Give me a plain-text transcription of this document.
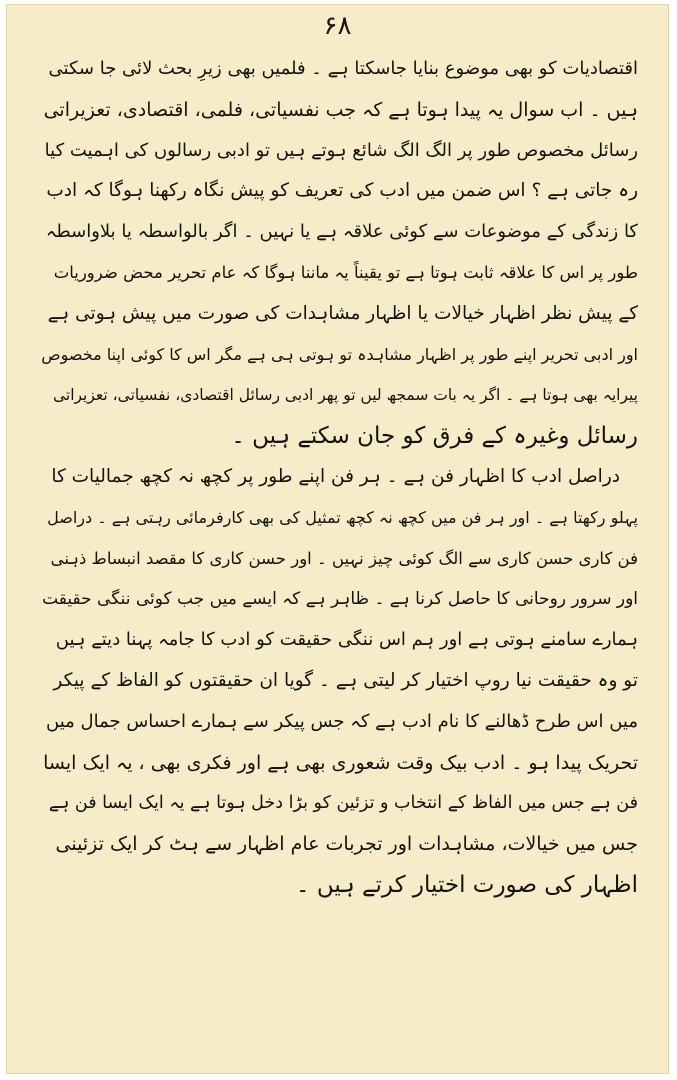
۶۸
اقتصادیات کو بھی موضوع بنایا جاسکتا ہے ۔ فلمیں بھی زیرِ بحث لائی جا سکتی
ہیں ۔ اب سوال یہ پیدا ہوتا ہے کہ جب نفسیاتی، فلمی، اقتصادی، تعزیراتی
رسائل مخصوص طور پر الگ الگ شائع ہوتے ہیں تو ادبی رسالوں کی اہمیت کیا
رہ جاتی ہے ؟ اس ضمن میں ادب کی تعریف کو پیش نگاہ رکھنا ہوگا کہ ادب
کا زندگی کے موضوعات سے کوئی علاقہ ہے یا نہیں ۔ اگر بالواسطہ یا بلاواسطہ
طور پر اس کا علاقہ ثابت ہوتا ہے تو یقیناً یہ ماننا ہوگا کہ عام تحریر محض ضروریات
کے پیش نظر اظہار خیالات یا اظہار مشاہدات کی صورت میں پیش ہوتی ہے
اور ادبی تحریر اپنے طور پر اظہار مشاہدہ تو ہوتی ہی ہے مگر اس کا کوئی اپنا مخصوص
پیرایہ بھی ہوتا ہے ۔ اگر یہ بات سمجھ لیں تو پھر ادبی رسائل اقتصادی، نفسیاتی، تعزیراتی
رسائل وغیرہ کے فرق کو جان سکتے ہیں ۔
دراصل ادب کا اظہار فن ہے ۔ ہر فن اپنے طور پر کچھ نہ کچھ جمالیات کا
پہلو رکھتا ہے ۔ اور ہر فن میں کچھ نہ کچھ تمثیل کی بھی کارفرمائی رہتی ہے ۔ دراصل
فن کاری حسن کاری سے الگ کوئی چیز نہیں ۔ اور حسن کاری کا مقصد انبساط ذہنی
اور سرور روحانی کا حاصل کرنا ہے ۔ ظاہر ہے کہ ایسے میں جب کوئی ننگی حقیقت
ہمارے سامنے ہوتی ہے اور ہم اس ننگی حقیقت کو ادب کا جامہ پہنا دیتے ہیں
تو وہ حقیقت نیا روپ اختیار کر لیتی ہے ۔ گویا ان حقیقتوں کو الفاظ کے پیکر
میں اس طرح ڈھالنے کا نام ادب ہے کہ جس پیکر سے ہمارے احساس جمال میں
تحریک پیدا ہو ۔ ادب بیک وقت شعوری بھی ہے اور فکری بھی ، یہ ایک ایسا
فن ہے جس میں الفاظ کے انتخاب و تزئین کو بڑا دخل ہوتا ہے یہ ایک ایسا فن ہے
جس میں خیالات، مشاہدات اور تجربات عام اظہار سے ہٹ کر ایک تزئینی
اظہار کی صورت اختیار کرتے ہیں ۔
